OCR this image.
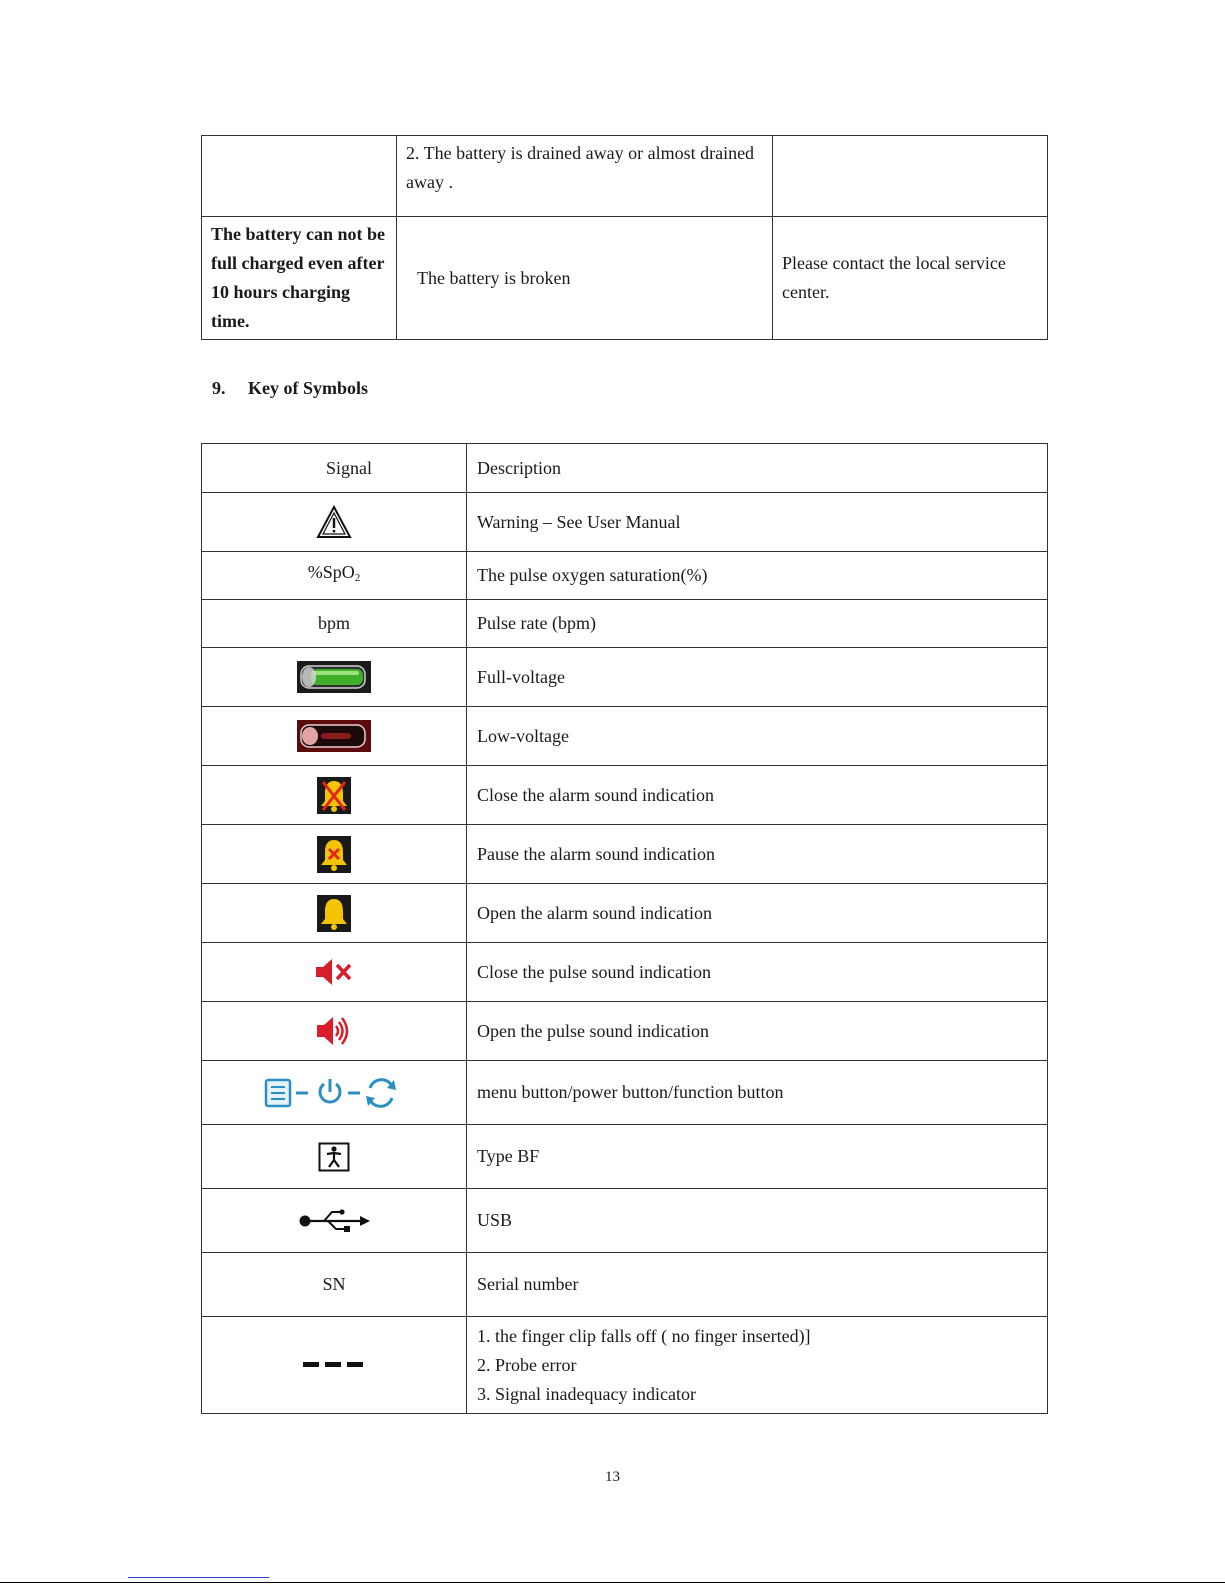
	2. The battery is drained away or almost drained away .	
The battery can not be full charged even after 10 hours charging time.	The battery is broken	Please contact the local service center.
9. Key of Symbols
Signal	Description

	Warning – See User Manual
%SpO$_2$	The pulse oxygen saturation(%)
bpm	Pulse rate (bpm)

	Full-voltage

	Low-voltage

	Close the alarm sound indication

	Pause the alarm sound indication

	Open the alarm sound indication

	Close the pulse sound indication

	Open the pulse sound indication

	menu button/power button/function button

	Type BF

	USB
SN	Serial number

1. the finger clip falls off ( no finger inserted)]
2. Probe error
3. Signal inadequacy indicator
13
